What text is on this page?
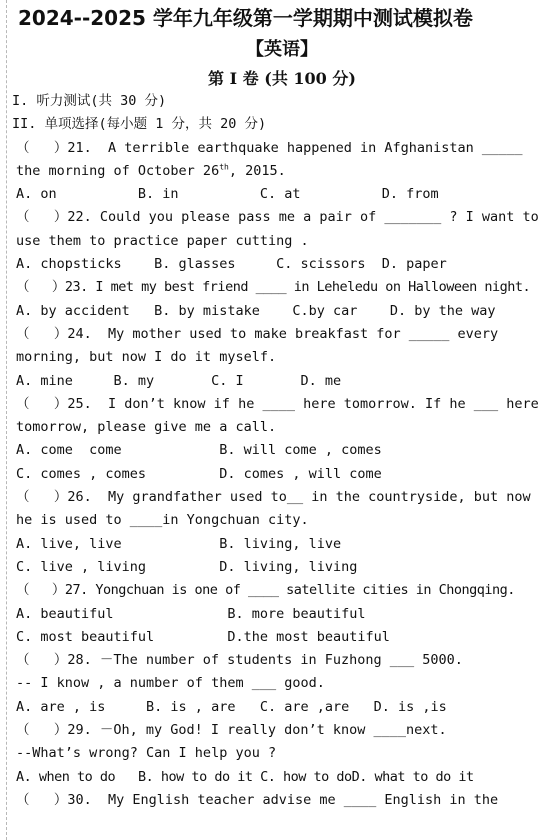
2024--2025 学年九年级第一学期期中测试模拟卷
【英语】
第 I 卷 (共 100 分)
I. 听力测试(共 30 分)
II. 单项选择(每小题 1 分，共 20 分)
（   ）21.  A terrible earthquake happened in Afghanistan _____
the morning of October 26th, 2015.
A. on          B. in          C. at          D. from
（   ）22. Could you please pass me a pair of _______ ? I want to
use them to practice paper cutting .
A. chopsticks    B. glasses     C. scissors  D. paper
（   ）23. I met my best friend ____ in Leheledu on Halloween night.
A. by accident   B. by mistake    C.by car    D. by the way
（   ）24.  My mother used to make breakfast for _____ every
morning, but now I do it myself.
A. mine     B. my       C. I       D. me
（   ）25.  I don’t know if he ____ here tomorrow. If he ___ here
tomorrow, please give me a call.
A. come  come            B. will come , comes
C. comes , comes         D. comes , will come
（   ）26.  My grandfather used to__ in the countryside, but now
he is used to ____in Yongchuan city.
A. live, live            B. living, live
C. live , living         D. living, living
（   ）27. Yongchuan is one of ____ satellite cities in Chongqing.
A. beautiful              B. more beautiful
C. most beautiful         D.the most beautiful
（   ）28. －The number of students in Fuzhong ___ 5000.
-- I know , a number of them ___ good.
A. are , is     B. is , are   C. are ,are   D. is ,is
（   ）29. －Oh, my God! I really don’t know ____next.
--What’s wrong? Can I help you ?
A. when to do   B. how to do it C. how to doD. what to do it
（   ）30.  My English teacher advise me ____ English in the
